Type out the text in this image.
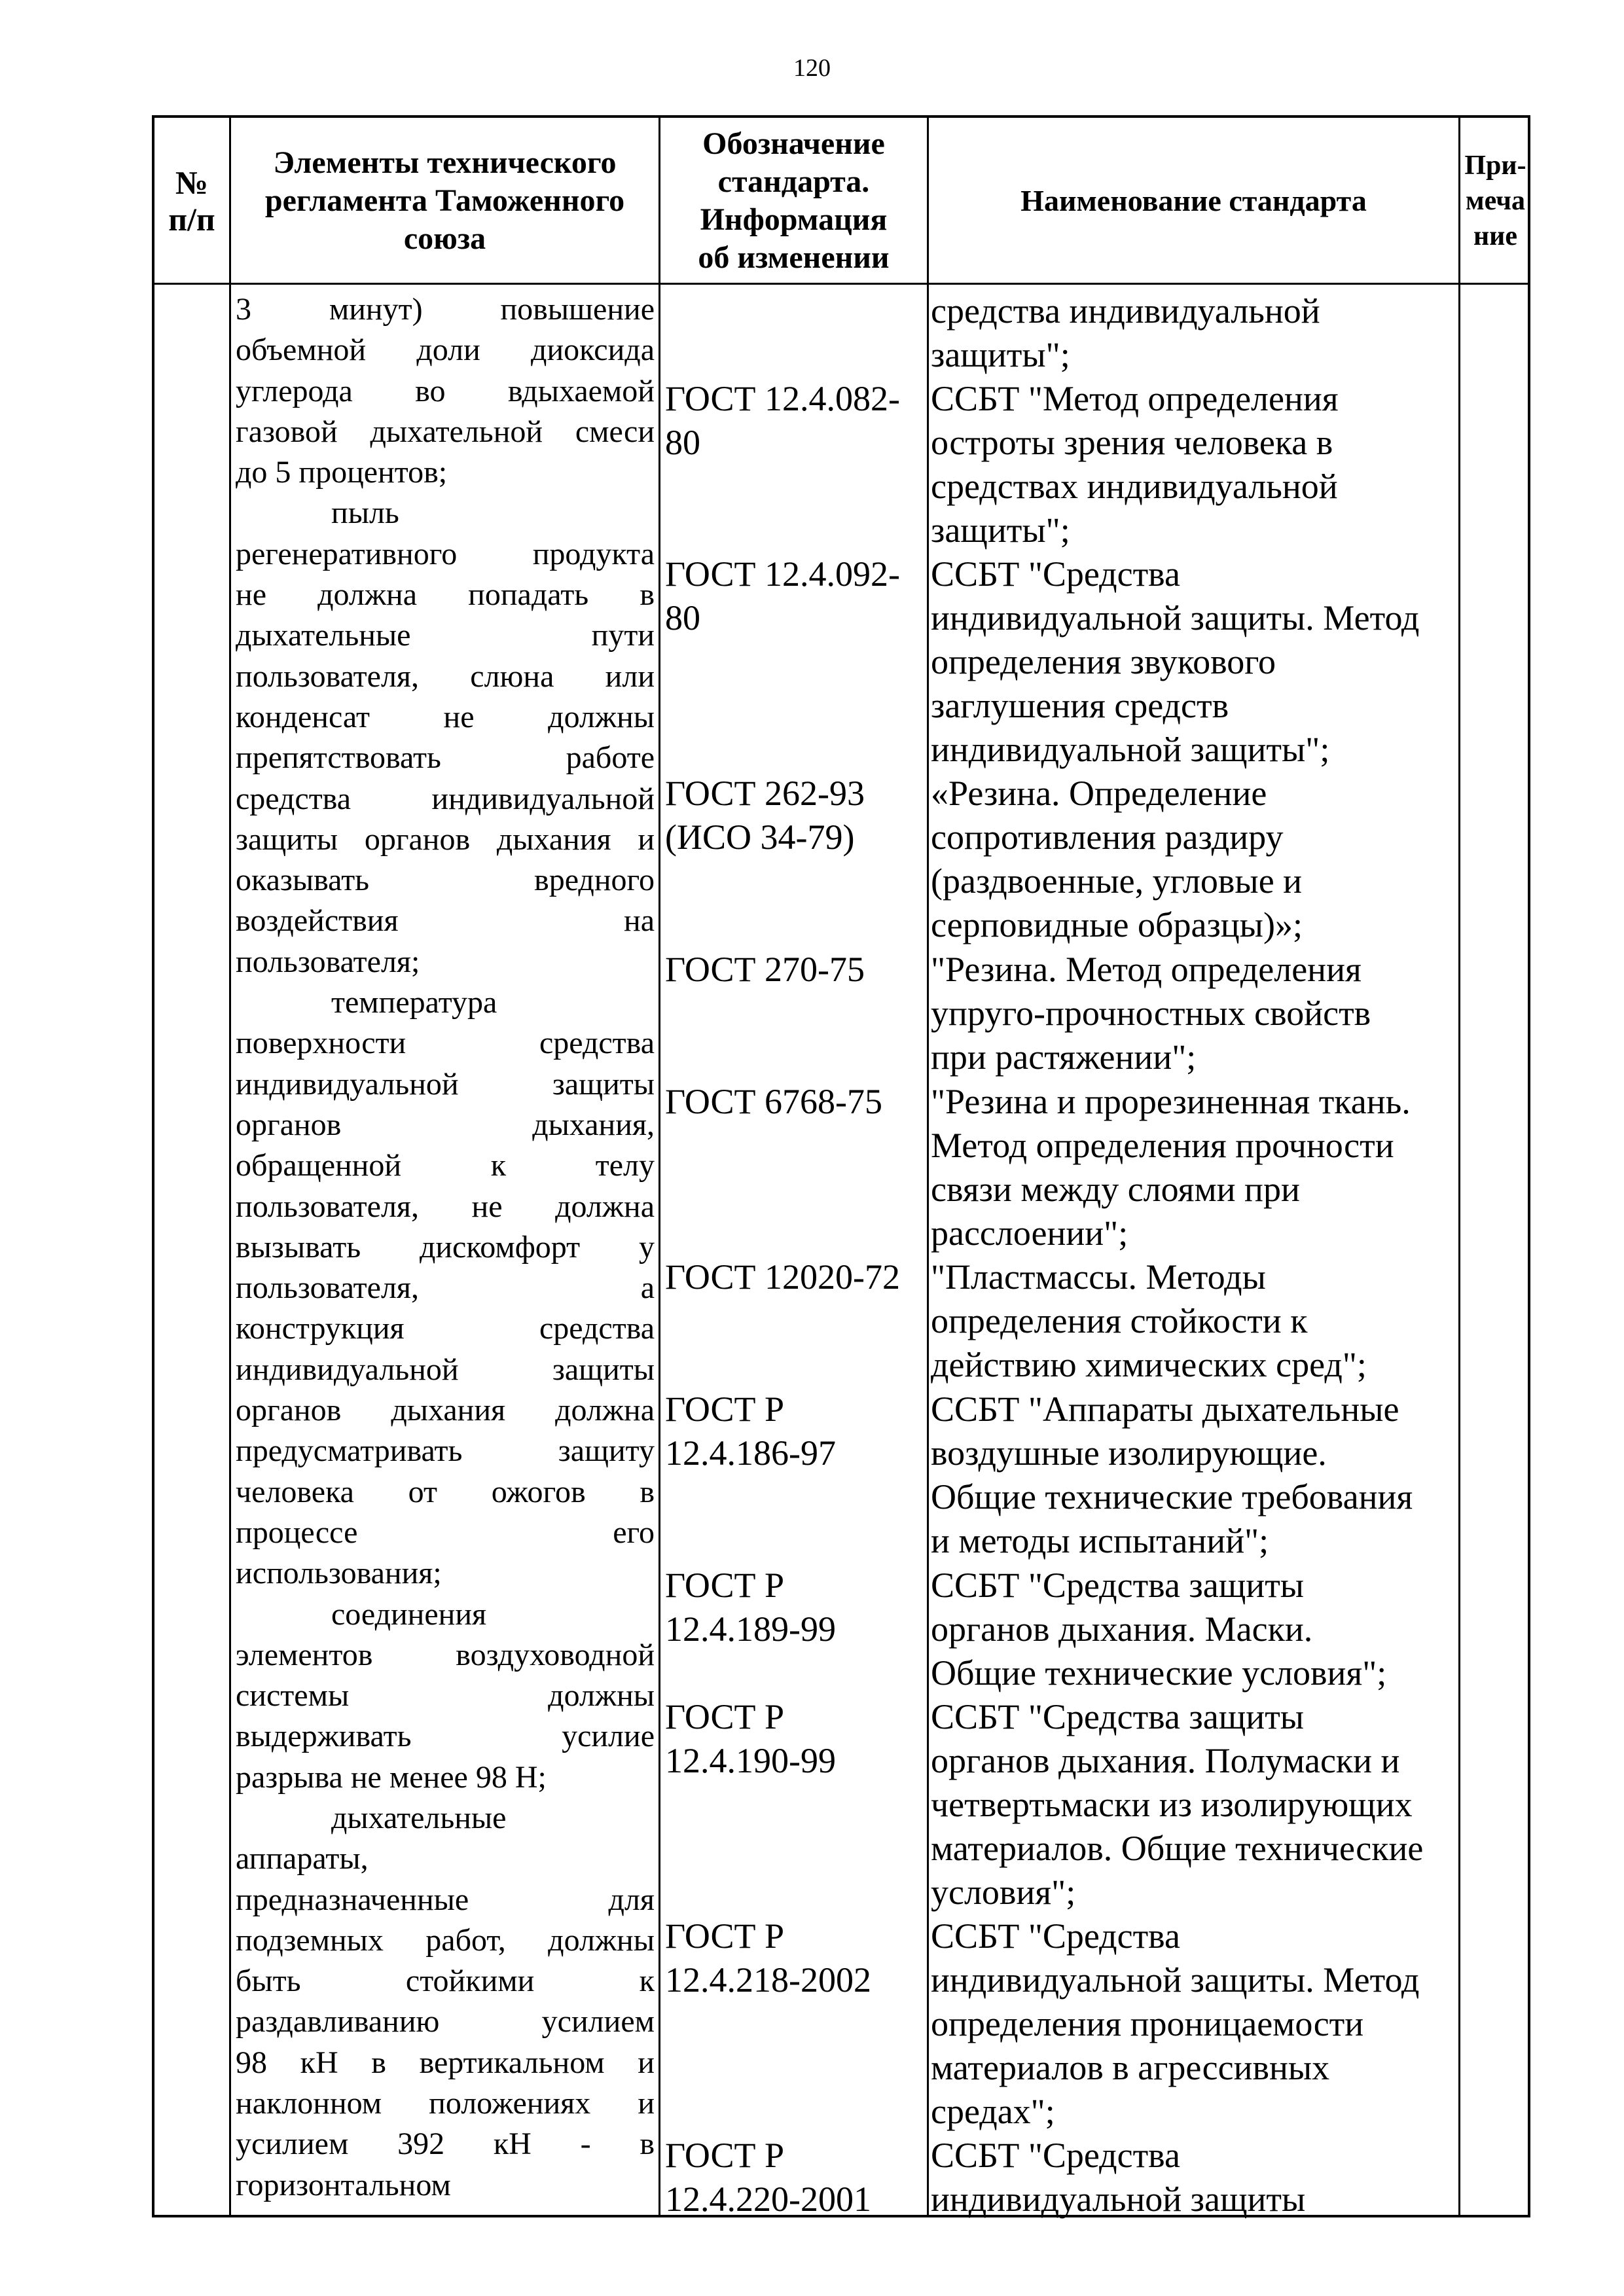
120
№
п/п
Элементы технического
регламента Таможенного
союза
Обозначение
стандарта.
Информация
об изменении
Наименование стандарта
При-
меча
ние
3 минут) повышение
объемной доли диоксида
углерода во вдыхаемой
газовой дыхательной смеси
до 5 процентов;
пыль
регенеративного продукта
не должна попадать в
дыхательные пути
пользователя, слюна или
конденсат не должны
препятствовать работе
средства индивидуальной
защиты органов дыхания и
оказывать вредного
воздействия на
пользователя;
температура
поверхности средства
индивидуальной защиты
органов дыхания,
обращенной к телу
пользователя, не должна
вызывать дискомфорт у
пользователя, а
конструкция средства
индивидуальной защиты
органов дыхания должна
предусматривать защиту
человека от ожогов в
процессе его
использования;
соединения
элементов воздуховодной
системы должны
выдерживать усилие
разрыва не менее 98 Н;
дыхательные
аппараты,
предназначенные для
подземных работ, должны
быть стойкими к
раздавливанию усилием
98 кН в вертикальном и
наклонном положениях и
усилием 392 кН - в
горизонтальном
средства индивидуальной
защиты";
ГОСТ 12.4.082-
80
ССБТ "Метод определения
остроты зрения человека в
средствах индивидуальной
защиты";
ГОСТ 12.4.092-
80
ССБТ "Средства
индивидуальной защиты. Метод
определения звукового
заглушения средств
индивидуальной защиты";
ГОСТ 262-93
(ИСО 34-79)
«Резина. Определение
сопротивления раздиру
(раздвоенные, угловые и
серповидные образцы)»;
ГОСТ 270-75 "Резина. Метод определения
упруго-прочностных свойств
при растяжении";
ГОСТ 6768-75 "Резина и прорезиненная ткань.
Метод определения прочности
связи между слоями при
расслоении";
ГОСТ 12020-72 "Пластмассы. Методы
определения стойкости к
действию химических сред";
ГОСТ Р
12.4.186-97
ССБТ "Аппараты дыхательные
воздушные изолирующие.
Общие технические требования
и методы испытаний";
ГОСТ Р
12.4.189-99
ССБТ "Средства защиты
органов дыхания. Маски.
Общие технические условия";
ГОСТ Р
12.4.190-99
ССБТ "Средства защиты
органов дыхания. Полумаски и
четвертьмаски из изолирующих
материалов. Общие технические
условия";
ГОСТ Р
12.4.218-2002
ССБТ "Средства
индивидуальной защиты. Метод
определения проницаемости
материалов в агрессивных
средах";
ГОСТ Р
12.4.220-2001
ССБТ "Средства
индивидуальной защиты
